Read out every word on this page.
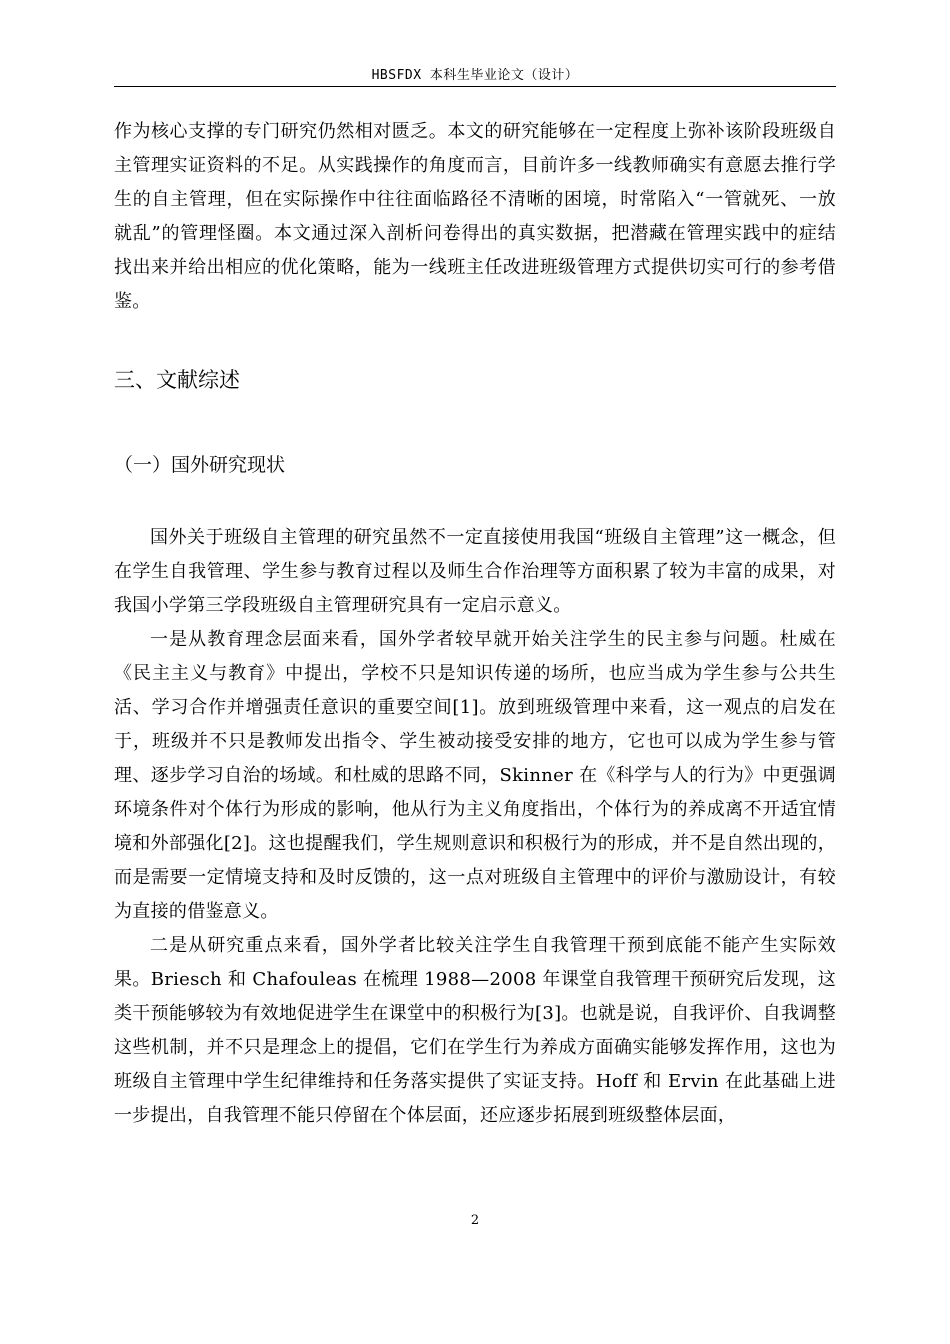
HBSFDX 本科生毕业论文（设计）

作为核心支撑的专门研究仍然相对匮乏。本文的研究能够在一定程度上弥补该阶段班级自主管理实证资料的不足。从实践操作的角度而言，目前许多一线教师确实有意愿去推行学生的自主管理，但在实际操作中往往面临路径不清晰的困境，时常陷入“一管就死、一放就乱”的管理怪圈。本文通过深入剖析问卷得出的真实数据，把潜藏在管理实践中的症结找出来并给出相应的优化策略，能为一线班主任改进班级管理方式提供切实可行的参考借鉴。

三、文献综述
（一）国外研究现状

国外关于班级自主管理的研究虽然不一定直接使用我国“班级自主管理”这一概念，但在学生自我管理、学生参与教育过程以及师生合作治理等方面积累了较为丰富的成果，对我国小学第三学段班级自主管理研究具有一定启示意义。

一是从教育理念层面来看，国外学者较早就开始关注学生的民主参与问题。杜威在《民主主义与教育》中提出，学校不只是知识传递的场所，也应当成为学生参与公共生活、学习合作并增强责任意识的重要空间[1]。放到班级管理中来看，这一观点的启发在于，班级并不只是教师发出指令、学生被动接受安排的地方，它也可以成为学生参与管理、逐步学习自治的场域。和杜威的思路不同，Skinner 在《科学与人的行为》中更强调环境条件对个体行为形成的影响，他从行为主义角度指出，个体行为的养成离不开适宜情境和外部强化[2]。这也提醒我们，学生规则意识和积极行为的形成，并不是自然出现的，而是需要一定情境支持和及时反馈的，这一点对班级自主管理中的评价与激励设计，有较为直接的借鉴意义。

二是从研究重点来看，国外学者比较关注学生自我管理干预到底能不能产生实际效果。Briesch 和 Chafouleas 在梳理 1988—2008 年课堂自我管理干预研究后发现，这类干预能够较为有效地促进学生在课堂中的积极行为[3]。也就是说，自我评价、自我调整这些机制，并不只是理念上的提倡，它们在学生行为养成方面确实能够发挥作用，这也为班级自主管理中学生纪律维持和任务落实提供了实证支持。Hoff 和 Ervin 在此基础上进一步提出，自我管理不能只停留在个体层面，还应逐步拓展到班级整体层面，

2
